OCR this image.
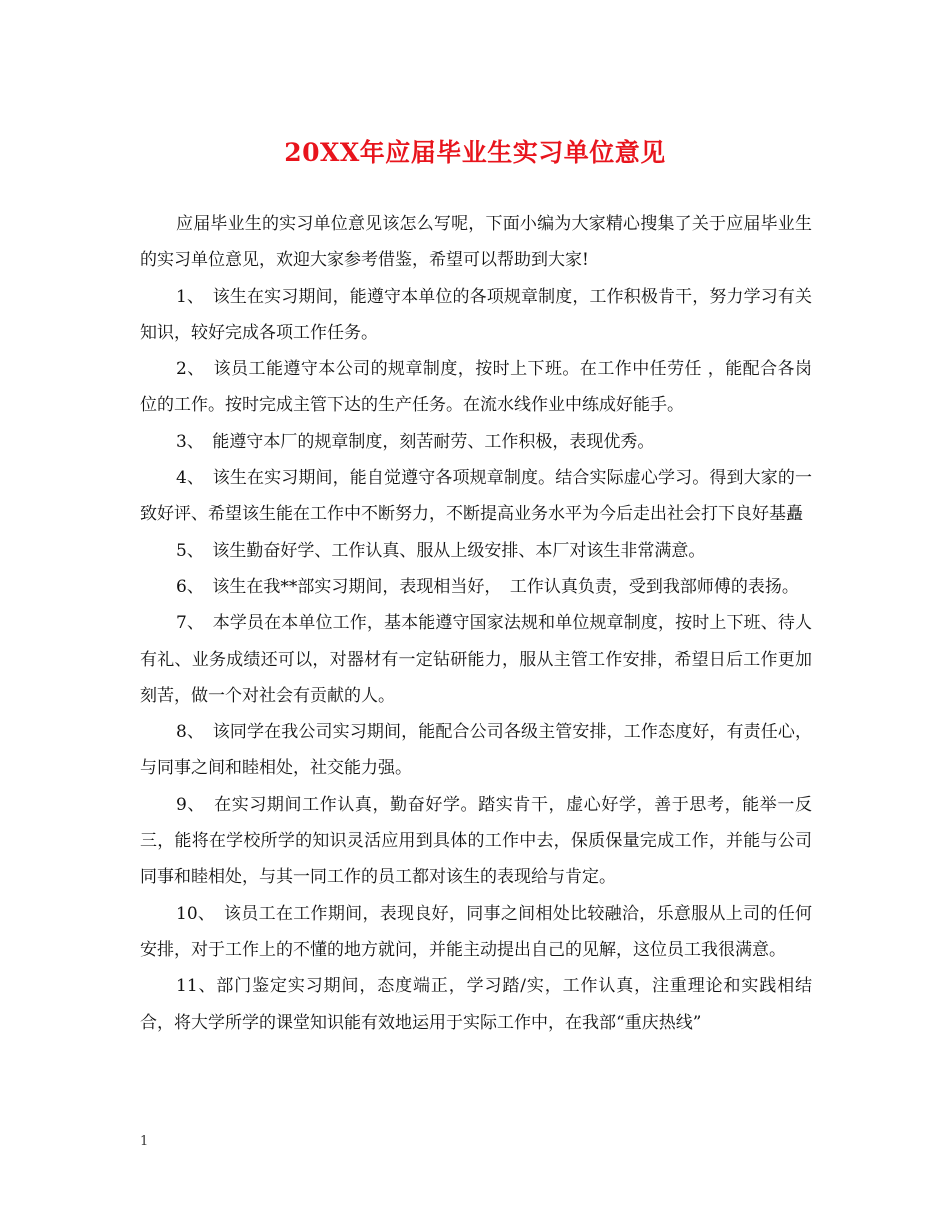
20XX年应届毕业生实习单位意见

应届毕业生的实习单位意见该怎么写呢，下面小编为大家精心搜集了关于应届毕业生的实习单位意见，欢迎大家参考借鉴，希望可以帮助到大家!

1、　该生在实习期间，能遵守本单位的各项规章制度，工作积极肯干，努力学习有关知识，较好完成各项工作任务。

2、　该员工能遵守本公司的规章制度，按时上下班。在工作中任劳任 ，能配合各岗位的工作。按时完成主管下达的生产任务。在流水线作业中练成好能手。

3、　能遵守本厂的规章制度，刻苦耐劳、工作积极，表现优秀。

4、　该生在实习期间，能自觉遵守各项规章制度。结合实际虚心学习。得到大家的一致好评、希望该生能在工作中不断努力，不断提高业务水平为今后走出社会打下良好基矗

5、　该生勤奋好学、工作认真、服从上级安排、本厂对该生非常满意。

6、　该生在我**部实习期间，表现相当好，　工作认真负责，受到我部师傅的表扬。

7、　本学员在本单位工作，基本能遵守国家法规和单位规章制度，按时上下班、待人有礼、业务成绩还可以，对器材有一定钻研能力，服从主管工作安排，希望日后工作更加刻苦，做一个对社会有贡献的人。

8、　该同学在我公司实习期间，能配合公司各级主管安排，工作态度好，有责任心，与同事之间和睦相处，社交能力强。

9、　在实习期间工作认真，勤奋好学。踏实肯干，虚心好学，善于思考，能举一反三，能将在学校所学的知识灵活应用到具体的工作中去，保质保量完成工作，并能与公司同事和睦相处，与其一同工作的员工都对该生的表现给与肯定。

10、　该员工在工作期间，表现良好，同事之间相处比较融洽，乐意服从上司的任何安排，对于工作上的不懂的地方就问，并能主动提出自己的见解，这位员工我很满意。

11、部门鉴定实习期间，态度端正，学习踏/实，工作认真，注重理论和实践相结合，将大学所学的课堂知识能有效地运用于实际工作中，在我部“重庆热线”

1
